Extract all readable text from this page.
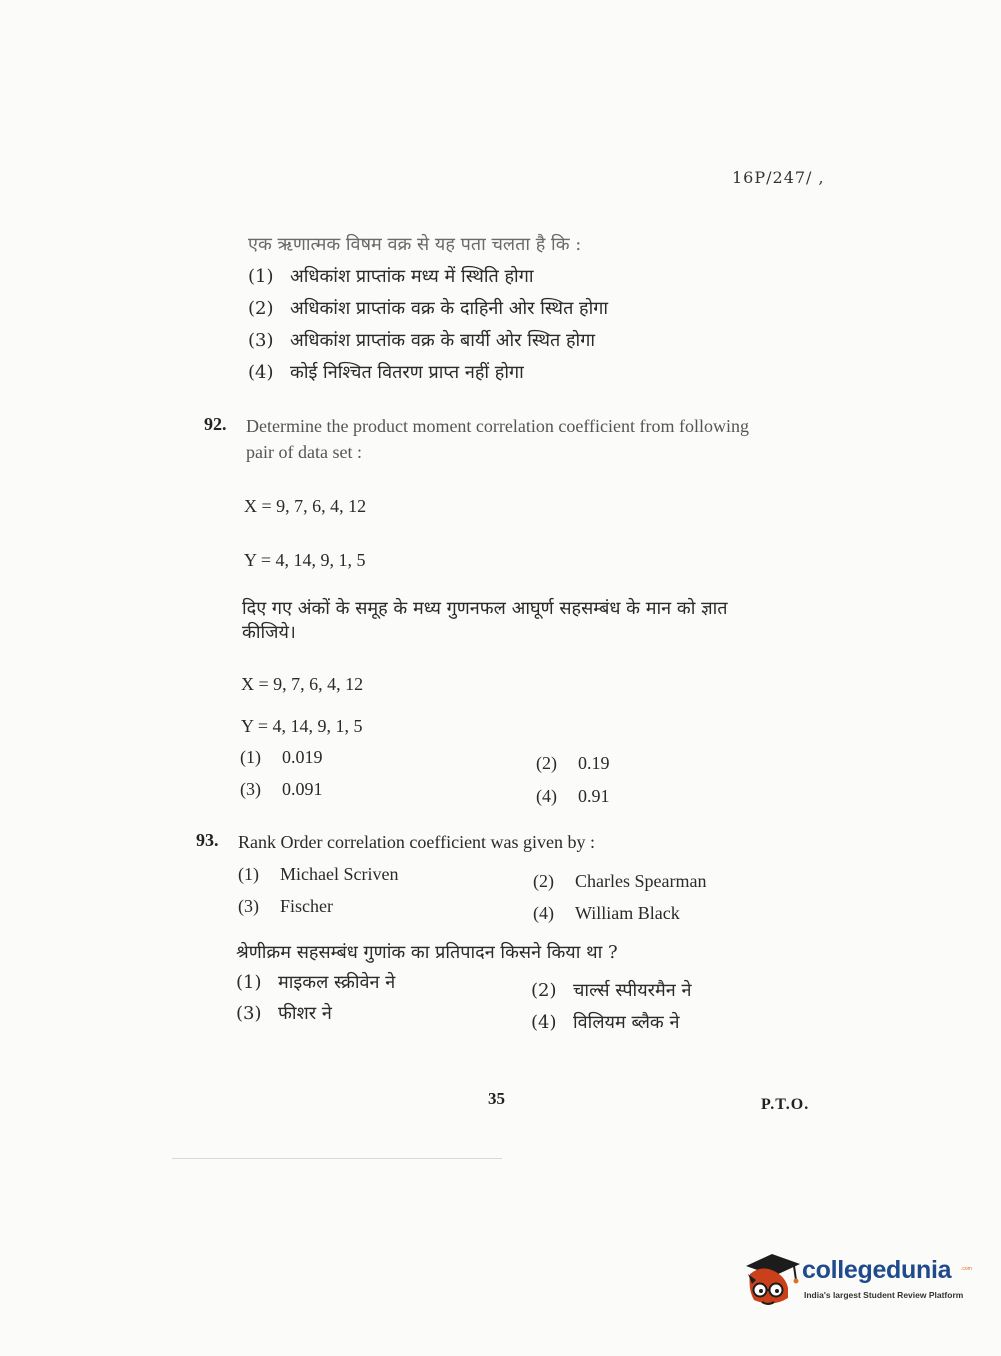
16P/247/ ,
एक ऋणात्मक विषम वक्र से यह पता चलता है कि :
(1) अधिकांश प्राप्तांक मध्य में स्थिति होगा
(2) अधिकांश प्राप्तांक वक्र के दाहिनी ओर स्थित होगा
(3) अधिकांश प्राप्तांक वक्र के बार्यी ओर स्थित होगा
(4) कोई निश्चित वितरण प्राप्त नहीं होगा
92. Determine the product moment correlation coefficient from following
pair of data set :
X = 9, 7, 6, 4, 12
Y = 4, 14, 9, 1, 5
दिए गए अंकों के समूह के मध्य गुणनफल आघूर्ण सहसम्बंध के मान को ज्ञात
कीजिये।
X = 9, 7, 6, 4, 12
Y = 4, 14, 9, 1, 5
(1) 0.019	(2) 0.19
(3) 0.091	(4) 0.91
93. Rank Order correlation coefficient was given by :
(1) Michael Scriven	(2) Charles Spearman
(3) Fischer	(4) William Black
श्रेणीक्रम सहसम्बंध गुणांक का प्रतिपादन किसने किया था ?
(1) माइकल स्क्रीवेन ने	(2) चार्ल्स स्पीयरमैन ने
(3) फीशर ने	(4) विलियम ब्लैक ने
35	P.T.O.
collegedunia .com
India's largest Student Review Platform
